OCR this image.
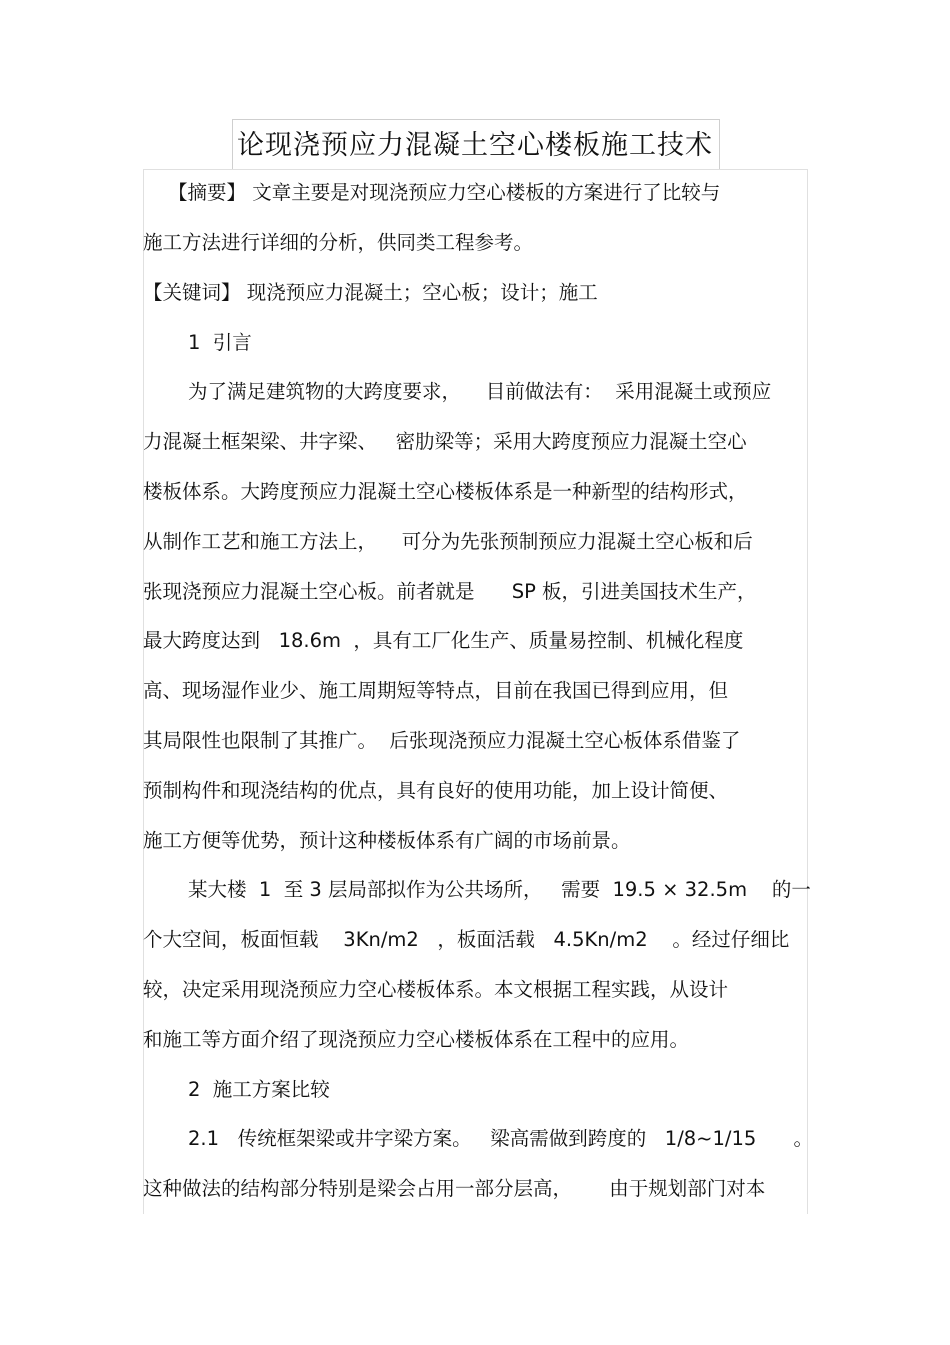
论现浇预应力混凝土空心楼板施工技术
【摘要】 文章主要是对现浇预应力空心楼板的方案进行了比较与
施工方法进行详细的分析，供同类工程参考。
【关键词】 现浇预应力混凝土；空心板；设计；施工
1  引言
为了满足建筑物的大跨度要求，    目前做法有：  采用混凝土或预应
力混凝土框架梁、井字梁、   密肋梁等；采用大跨度预应力混凝土空心
楼板体系。大跨度预应力混凝土空心楼板体系是一种新型的结构形式，
从制作工艺和施工方法上，    可分为先张预制预应力混凝土空心板和后
张现浇预应力混凝土空心板。前者就是      SP 板，引进美国技术生产，
最大跨度达到   18.6m  ，具有工厂化生产、质量易控制、机械化程度
高、现场湿作业少、施工周期短等特点，目前在我国已得到应用，但
其局限性也限制了其推广。  后张现浇预应力混凝土空心板体系借鉴了
预制构件和现浇结构的优点，具有良好的使用功能，加上设计简便、
施工方便等优势，预计这种楼板体系有广阔的市场前景。
某大楼  1  至 3 层局部拟作为公共场所，   需要  19.5 × 32.5m    的一
个大空间，板面恒载    3Kn/m2   ，板面活载   4.5Kn/m2    。经过仔细比
较，决定采用现浇预应力空心楼板体系。本文根据工程实践，从设计
和施工等方面介绍了现浇预应力空心楼板体系在工程中的应用。
2  施工方案比较
2.1   传统框架梁或井字梁方案。   梁高需做到跨度的   1/8~1/15      。
这种做法的结构部分特别是梁会占用一部分层高，      由于规划部门对本
